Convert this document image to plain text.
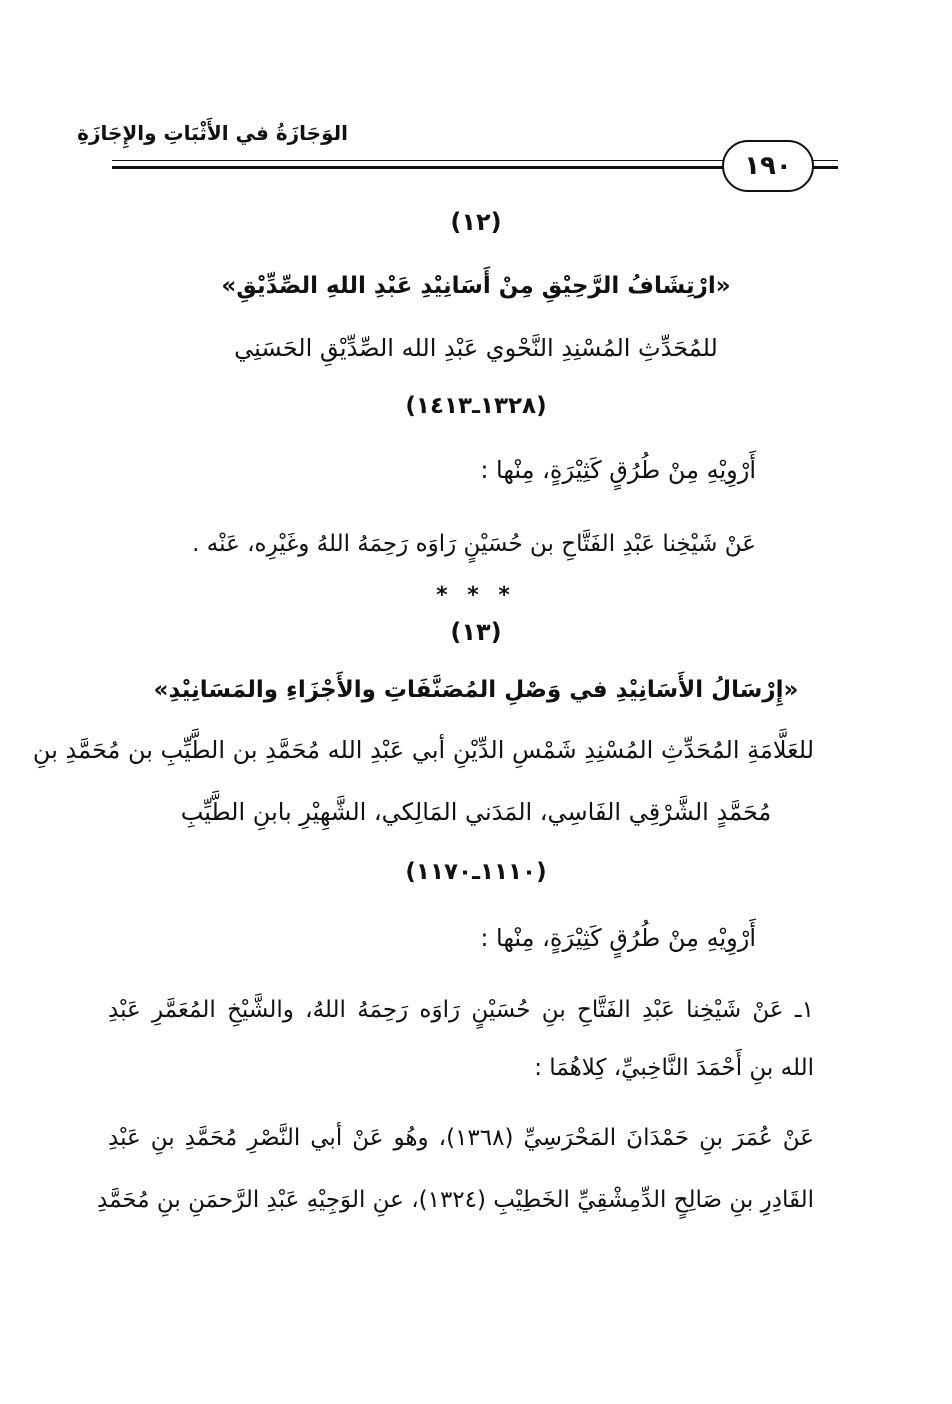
الوَجَازَةُ في الأَثْبَاتِ والإِجَازَةِ
١٩٠
(١٢)
«ارْتِشَافُ الرَّحِيْقِ مِنْ أَسَانِيْدِ عَبْدِ اللهِ الصِّدِّيْقِ»
للمُحَدِّثِ المُسْنِدِ النَّحْوي عَبْدِ الله الصِّدِّيْقِ الحَسَنِي
(١٣٢٨ـ١٤١٣)
أَرْوِيْهِ مِنْ طُرُقٍ كَثِيْرَةٍ، مِنْها :
عَنْ شَيْخِنا عَبْدِ الفَتَّاحِ بن حُسَيْنٍ رَاوَه رَحِمَهُ اللهُ وغَيْرِه، عَنْه .
* * *
(١٣)
«إِرْسَالُ الأَسَانِيْدِ في وَصْلِ المُصَنَّفَاتِ والأَجْزَاءِ والمَسَانِيْدِ»
للعَلَّامَةِ المُحَدِّثِ المُسْنِدِ شَمْسِ الدِّيْنِ أبي عَبْدِ الله مُحَمَّدِ بن الطَّيِّبِ بن مُحَمَّدِ بنِ
مُحَمَّدٍ الشَّرْقِي الفَاسِي، المَدَني المَالِكي، الشَّهِيْرِ بابنِ الطَّيِّبِ
(١١١٠ـ١١٧٠)
أَرْوِيْهِ مِنْ طُرُقٍ كَثِيْرَةٍ، مِنْها :
١ـ عَنْ شَيْخِنا عَبْدِ الفَتَّاحِ بنِ حُسَيْنٍ رَاوَه رَحِمَهُ اللهُ، والشَّيْخِ المُعَمَّرِ عَبْدِ
الله بنِ أَحْمَدَ النَّاخِبيِّ، كِلاهُمَا :
عَنْ عُمَرَ بنِ حَمْدَانَ المَحْرَسِيِّ (١٣٦٨)، وهُو عَنْ أبي النَّصْرِ مُحَمَّدِ بنِ عَبْدِ
القَادِرِ بنِ صَالِحٍ الدِّمِشْقِيِّ الخَطِيْبِ (١٣٢٤)، عنِ الوَجِيْهِ عَبْدِ الرَّحمَنِ بنِ مُحَمَّدِ
